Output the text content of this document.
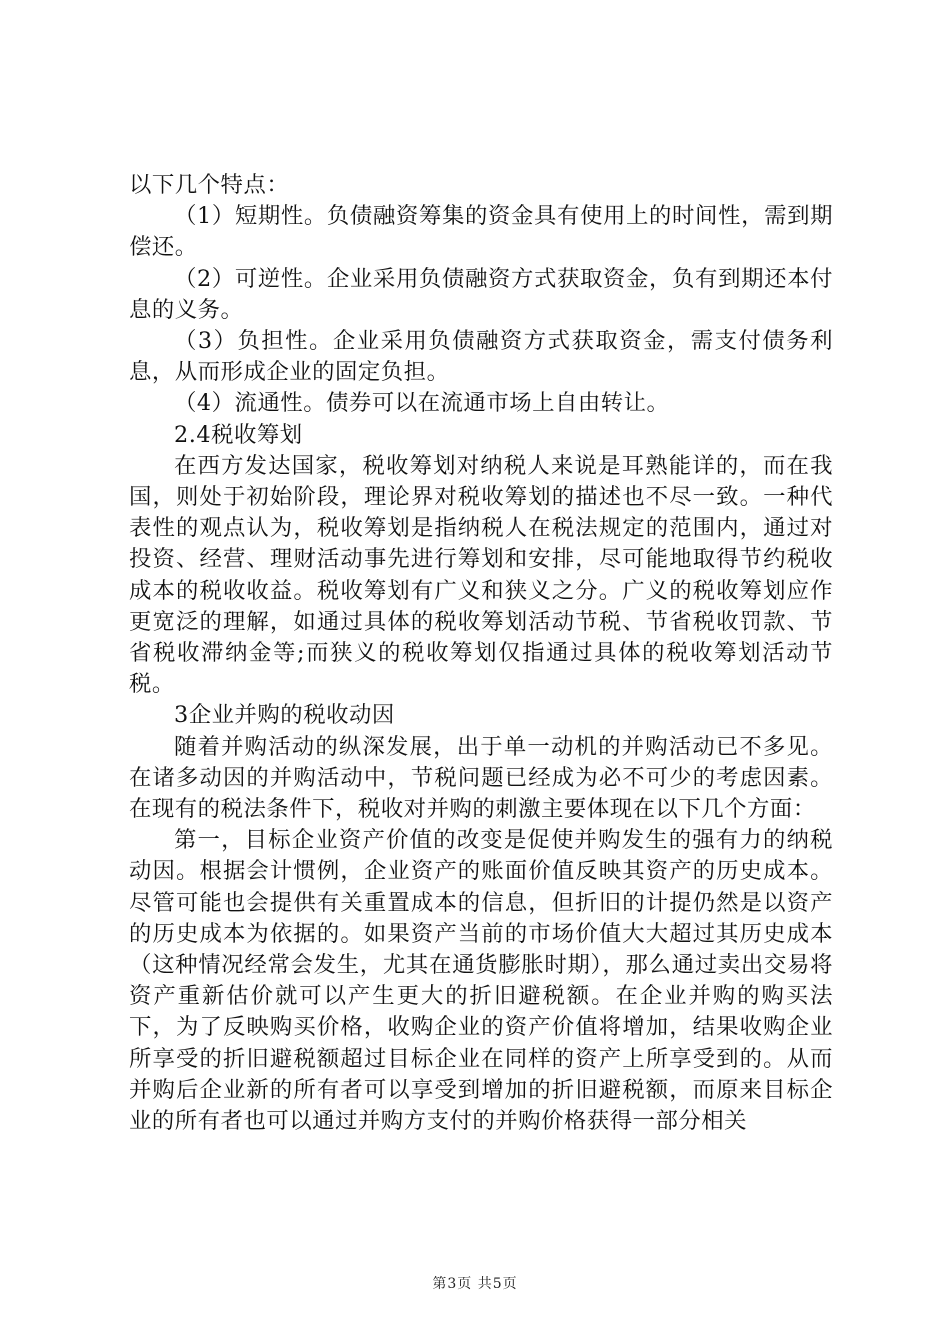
以下几个特点：

（1）短期性。负债融资筹集的资金具有使用上的时间性，需到期偿还。

（2）可逆性。企业采用负债融资方式获取资金，负有到期还本付息的义务。

（3）负担性。企业采用负债融资方式获取资金，需支付债务利息，从而形成企业的固定负担。

（4）流通性。债券可以在流通市场上自由转让。

2.4税收筹划

在西方发达国家，税收筹划对纳税人来说是耳熟能详的，而在我国，则处于初始阶段，理论界对税收筹划的描述也不尽一致。一种代表性的观点认为，税收筹划是指纳税人在税法规定的范围内，通过对投资、经营、理财活动事先进行筹划和安排，尽可能地取得节约税收成本的税收收益。税收筹划有广义和狭义之分。广义的税收筹划应作更宽泛的理解，如通过具体的税收筹划活动节税、节省税收罚款、节省税收滞纳金等;而狭义的税收筹划仅指通过具体的税收筹划活动节税。

3企业并购的税收动因

随着并购活动的纵深发展，出于单一动机的并购活动已不多见。在诸多动因的并购活动中，节税问题已经成为必不可少的考虑因素。在现有的税法条件下，税收对并购的刺激主要体现在以下几个方面：

第一，目标企业资产价值的改变是促使并购发生的强有力的纳税动因。根据会计惯例，企业资产的账面价值反映其资产的历史成本。尽管可能也会提供有关重置成本的信息，但折旧的计提仍然是以资产的历史成本为依据的。如果资产当前的市场价值大大超过其历史成本（这种情况经常会发生，尤其在通货膨胀时期），那么通过卖出交易将资产重新估价就可以产生更大的折旧避税额。在企业并购的购买法下，为了反映购买价格，收购企业的资产价值将增加，结果收购企业所享受的折旧避税额超过目标企业在同样的资产上所享受到的。从而并购后企业新的所有者可以享受到增加的折旧避税额，而原来目标企业的所有者也可以通过并购方支付的并购价格获得一部分相关

第3页 共5页
